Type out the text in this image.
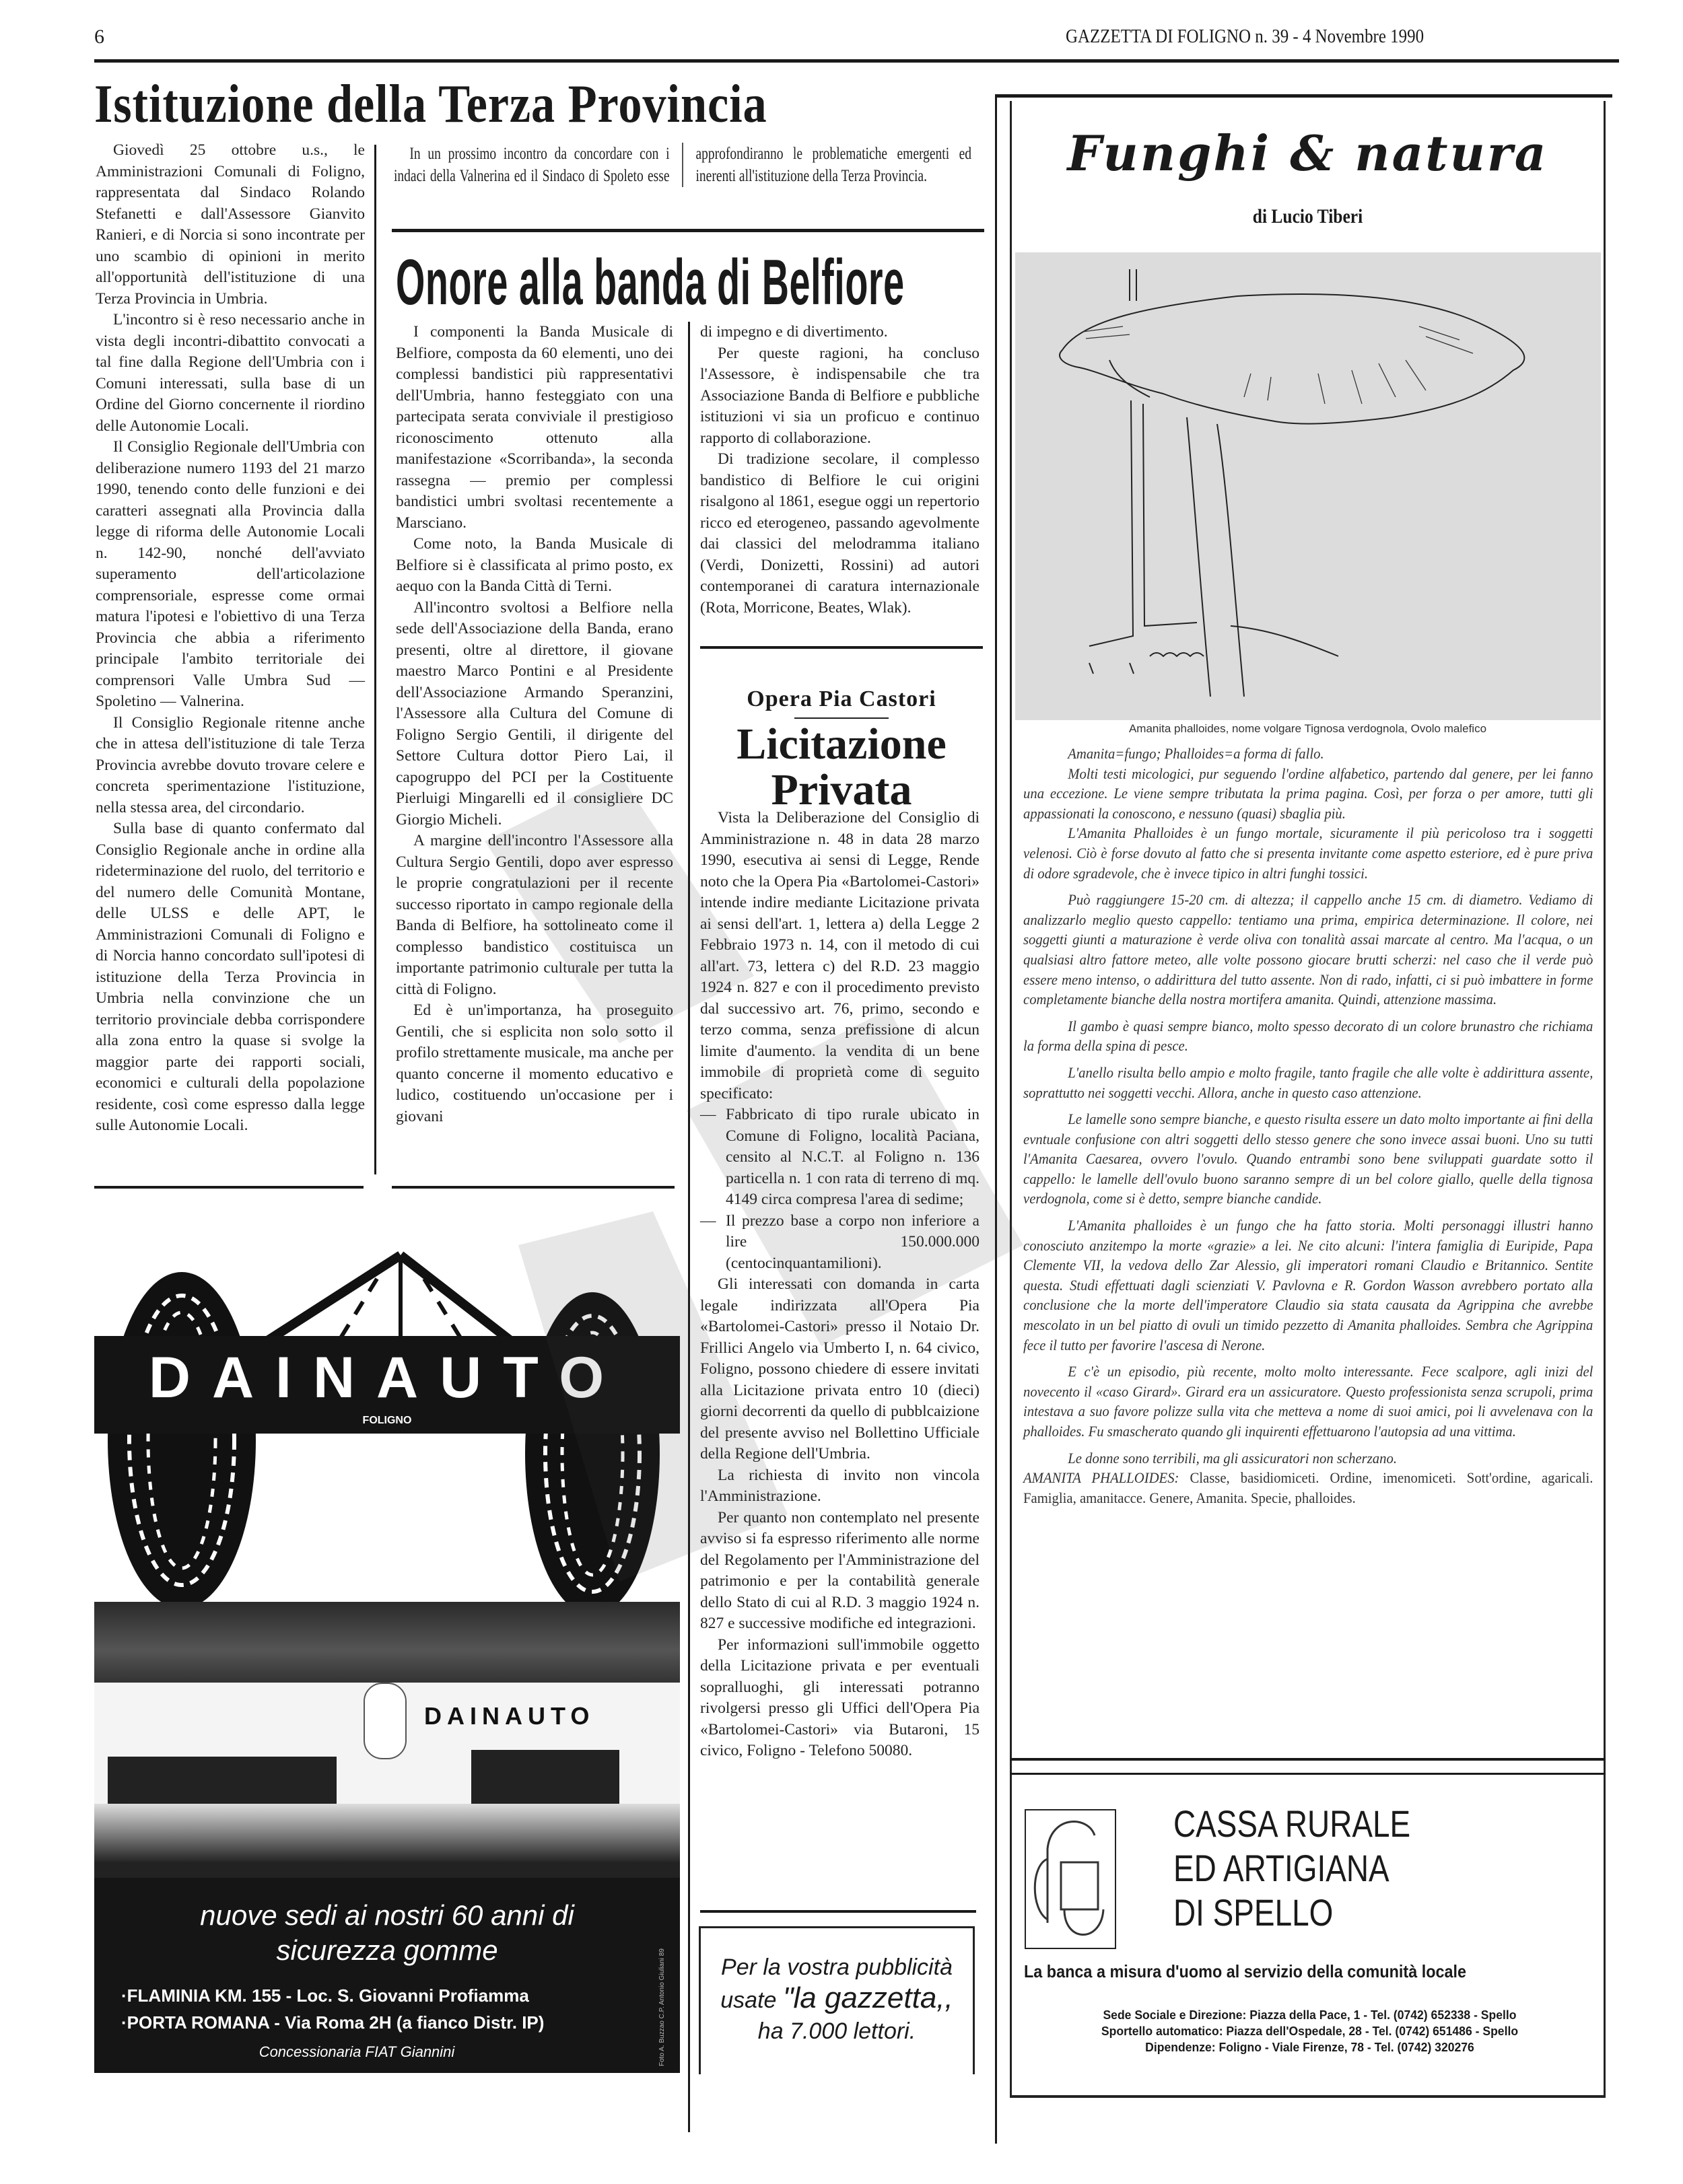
6	GAZZETTA DI FOLIGNO n. 39 - 4 Novembre 1990
Istituzione della Terza Provincia

Giovedì 25 ottobre u.s., le Amministrazioni Comunali di Foligno, rappresentata dal Sindaco Rolando Stefanetti e dall'Assessore Gianvito Ranieri, e di Norcia si sono incontrate per uno scambio di opinioni in merito all'opportunità dell'istituzione di una Terza Provincia in Umbria.

L'incontro si è reso necessario anche in vista degli incontri-dibattito convocati a tal fine dalla Regione dell'Umbria con i Comuni interessati, sulla base di un Ordine del Giorno concernente il riordino delle Autonomie Locali.

Il Consiglio Regionale dell'Umbria con deliberazione numero 1193 del 21 marzo 1990, tenendo conto delle funzioni e dei caratteri assegnati alla Provincia dalla legge di riforma delle Autonomie Locali n. 142-90, nonché dell'avviato superamento dell'articolazione comprensoriale, espresse come ormai matura l'ipotesi e l'obiettivo di una Terza Provincia che abbia a riferimento principale l'ambito territoriale dei comprensori Valle Umbra Sud — Spoletino — Valnerina.

Il Consiglio Regionale ritenne anche che in attesa dell'istituzione di tale Terza Provincia avrebbe dovuto trovare celere e concreta sperimentazione l'istituzione, nella stessa area, del circondario.

Sulla base di quanto confermato dal Consiglio Regionale anche in ordine alla rideterminazione del ruolo, del territorio e del numero delle Comunità Montane, delle ULSS e delle APT, le Amministrazioni Comunali di Foligno e di Norcia hanno concordato sull'ipotesi di istituzione della Terza Provincia in Umbria nella convinzione che un territorio provinciale debba corrispondere alla zona entro la quase si svolge la maggior parte dei rapporti sociali, economici e culturali della popolazione residente, così come espresso dalla legge sulle Autonomie Locali.

In un prossimo incontro da concordare con i indaci della Valnerina ed il Sindaco di Spoleto esse approfondiranno le problematiche emergenti ed inerenti all'istituzione della Terza Provincia.

Onore alla banda di Belfiore

I componenti la Banda Musicale di Belfiore, composta da 60 elementi, uno dei complessi bandistici più rappresentativi dell'Umbria, hanno festeggiato con una partecipata serata conviviale il prestigioso riconoscimento ottenuto alla manifestazione «Scorribanda», la seconda rassegna — premio per complessi bandistici umbri svoltasi recentemente a Marsciano.

Come noto, la Banda Musicale di Belfiore si è classificata al primo posto, ex aequo con la Banda Città di Terni.

All'incontro svoltosi a Belfiore nella sede dell'Associazione della Banda, erano presenti, oltre al direttore, il giovane maestro Marco Pontini e al Presidente dell'Associazione Armando Speranzini, l'Assessore alla Cultura del Comune di Foligno Sergio Gentili, il dirigente del Settore Cultura dottor Piero Lai, il capogruppo del PCI per la Costituente Pierluigi Mingarelli ed il consigliere DC Giorgio Micheli.

A margine dell'incontro l'Assessore alla Cultura Sergio Gentili, dopo aver espresso le proprie congratulazioni per il recente successo riportato in campo regionale della Banda di Belfiore, ha sottolineato come il complesso bandistico costituisca un importante patrimonio culturale per tutta la città di Foligno.

Ed è un'importanza, ha proseguito Gentili, che si esplicita non solo sotto il profilo strettamente musicale, ma anche per quanto concerne il momento educativo e ludico, costituendo un'occasione per i giovani

di impegno e di divertimento.

Per queste ragioni, ha concluso l'Assessore, è indispensabile che tra Associazione Banda di Belfiore e pubbliche istituzioni vi sia un proficuo e continuo rapporto di collaborazione.

Di tradizione secolare, il complesso bandistico di Belfiore le cui origini risalgono al 1861, esegue oggi un repertorio ricco ed eterogeneo, passando agevolmente dai classici del melodramma italiano (Verdi, Donizetti, Rossini) ad autori contemporanei di caratura internazionale (Rota, Morricone, Beates, Wlak).

Opera Pia Castori
Licitazione
Privata

Vista la Deliberazione del Consiglio di Amministrazione n. 48 in data 28 marzo 1990, esecutiva ai sensi di Legge, Rende noto che la Opera Pia «Bartolomei-Castori» intende indire mediante Licitazione privata ai sensi dell'art. 1, lettera a) della Legge 2 Febbraio 1973 n. 14, con il metodo di cui all'art. 73, lettera c) del R.D. 23 maggio 1924 n. 827 e con il procedimento previsto dal successivo art. 76, primo, secondo e terzo comma, senza prefissione di alcun limite d'aumento. la vendita di un bene immobile di proprietà come di seguito specificato:

— Fabbricato di tipo rurale ubicato in Comune di Foligno, località Paciana, censito al N.C.T. al Foligno n. 136 particella n. 1 con rata di terreno di mq. 4149 circa compresa l'area di sedime;
— Il prezzo base a corpo non inferiore a lire 150.000.000 (centocinquantamilioni).

Gli interessati con domanda in carta legale indirizzata all'Opera Pia «Bartolomei-Castori» presso il Notaio Dr. Frillici Angelo via Umberto I, n. 64 civico, Foligno, possono chiedere di essere invitati alla Licitazione privata entro 10 (dieci) giorni decorrenti da quello di pubblcaizione del presente avviso nel Bollettino Ufficiale della Regione dell'Umbria.

La richiesta di invito non vincola l'Amministrazione.

Per quanto non contemplato nel presente avviso si fa espresso riferimento alle norme del Regolamento per l'Amministrazione del patrimonio e per la contabilità generale dello Stato di cui al R.D. 3 maggio 1924 n. 827 e successive modifiche ed integrazioni.

Per informazioni sull'immobile oggetto della Licitazione privata e per eventuali sopralluoghi, gli interessati potranno rivolgersi presso gli Uffici dell'Opera Pia «Bartolomei-Castori» via Butaroni, 15 civico, Foligno - Telefono 50080.

Per la vostra pubblicità
usate "la gazzetta,,
ha 7.000 lettori.
DAINAUTO
FOLIGNO
DAINAUTO
nuove sedi ai nostri 60 anni di
sicurezza gomme
·FLAMINIA KM. 155 - Loc. S. Giovanni Profiamma
·PORTA ROMANA - Via Roma 2H (a fianco Distr. IP)
Concessionaria FIAT Giannini	Foto A. Buzzao C.P. Antonio Giuliani 89
Funghi & natura
di Lucio Tiberi
Amanita phalloides, nome volgare Tignosa verdognola, Ovolo malefico

Amanita=fungo; Phalloides=a forma di fallo.

Molti testi micologici, pur seguendo l'ordine alfabetico, partendo dal genere, per lei fanno una eccezione. Le viene sempre tributata la prima pagina. Così, per forza o per amore, tutti gli appassionati la conoscono, e nessuno (quasi) sbaglia più.

L'Amanita Phalloides è un fungo mortale, sicuramente il più pericoloso tra i soggetti velenosi. Ciò è forse dovuto al fatto che si presenta invitante come aspetto esteriore, ed è pure priva di odore sgradevole, che è invece tipico in altri funghi tossici.

Può raggiungere 15-20 cm. di altezza; il cappello anche 15 cm. di diametro. Vediamo di analizzarlo meglio questo cappello: tentiamo una prima, empirica determinazione. Il colore, nei soggetti giunti a maturazione è verde oliva con tonalità assai marcate al centro. Ma l'acqua, o un qualsiasi altro fattore meteo, alle volte possono giocare brutti scherzi: nel caso che il verde può essere meno intenso, o addirittura del tutto assente. Non di rado, infatti, ci si può imbattere in forme completamente bianche della nostra mortifera amanita. Quindi, attenzione massima.

Il gambo è quasi sempre bianco, molto spesso decorato di un colore brunastro che richiama la forma della spina di pesce.

L'anello risulta bello ampio e molto fragile, tanto fragile che alle volte è addirittura assente, soprattutto nei soggetti vecchi. Allora, anche in questo caso attenzione.

Le lamelle sono sempre bianche, e questo risulta essere un dato molto importante ai fini della evntuale confusione con altri soggetti dello stesso genere che sono invece assai buoni. Uno su tutti l'Amanita Caesarea, ovvero l'ovulo. Quando entrambi sono bene sviluppati guardate sotto il cappello: le lamelle dell'ovulo buono saranno sempre di un bel colore giallo, quelle della tignosa verdognola, come si è detto, sempre bianche candide.

L'Amanita phalloides è un fungo che ha fatto storia. Molti personaggi illustri hanno conosciuto anzitempo la morte «grazie» a lei. Ne cito alcuni: l'intera famiglia di Euripide, Papa Clemente VII, la vedova dello Zar Alessio, gli imperatori romani Claudio e Britannico. Sentite questa. Studi effettuati dagli scienziati V. Pavlovna e R. Gordon Wasson avrebbero portato alla conclusione che la morte dell'imperatore Claudio sia stata causata da Agrippina che avrebbe mescolato in un bel piatto di ovuli un timido pezzetto di Amanita phalloides. Sembra che Agrippina fece il tutto per favorire l'ascesa di Nerone.

E c'è un episodio, più recente, molto molto interessante. Fece scalpore, agli inizi del novecento il «caso Girard». Girard era un assicuratore. Questo professionista senza scrupoli, prima intestava a suo favore polizze sulla vita che metteva a nome di suoi amici, poi li avvelenava con la phalloides. Fu smascherato quando gli inquirenti effettuarono l'autopsia ad una vittima.

Le donne sono terribili, ma gli assicuratori non scherzano.

AMANITA PHALLOIDES: Classe, basidiomiceti. Ordine, imenomiceti. Sott'ordine, agaricali. Famiglia, amanitacce. Genere, Amanita. Specie, phalloides.

CASSA RURALE
ED ARTIGIANA
DI SPELLO
La banca a misura d'uomo al servizio della comunità locale
Sede Sociale e Direzione: Piazza della Pace, 1 - Tel. (0742) 652338 - Spello
Sportello automatico: Piazza dell'Ospedale, 28 - Tel. (0742) 651486 - Spello
Dipendenze: Foligno - Viale Firenze, 78 - Tel. (0742) 320276
